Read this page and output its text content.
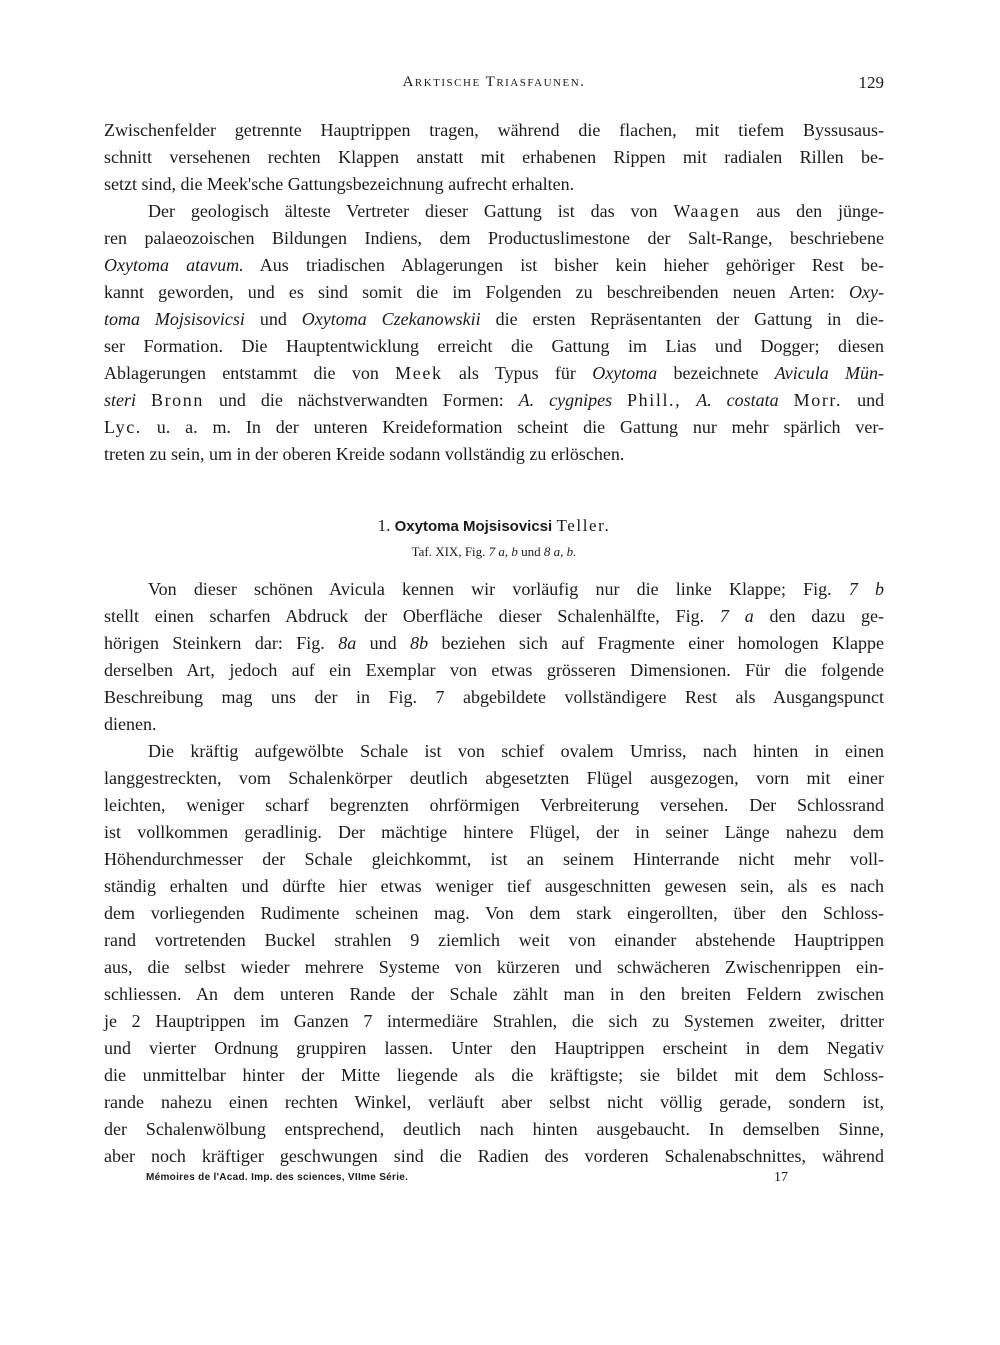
Arktische Triasfaunen.	129
Zwischenfelder getrennte Hauptrippen tragen, während die flachen, mit tiefem Byssusaus-
schnitt versehenen rechten Klappen anstatt mit erhabenen Rippen mit radialen Rillen be-
setzt sind, die Meek'sche Gattungsbezeichnung aufrecht erhalten.
Der geologisch älteste Vertreter dieser Gattung ist das von Waagen aus den jünge-
ren palaeozoischen Bildungen Indiens, dem Productuslimestone der Salt-Range, beschriebene
Oxytoma atavum. Aus triadischen Ablagerungen ist bisher kein hieher gehöriger Rest be-
kannt geworden, und es sind somit die im Folgenden zu beschreibenden neuen Arten: Oxy-
toma Mojsisovicsi und Oxytoma Czekanowskii die ersten Repräsentanten der Gattung in die-
ser Formation. Die Hauptentwicklung erreicht die Gattung im Lias und Dogger; diesen
Ablagerungen entstammt die von Meek als Typus für Oxytoma bezeichnete Avicula Mün-
steri Bronn und die nächstverwandten Formen: A. cygnipes Phill., A. costata Morr. und
Lyc. u. a. m. In der unteren Kreideformation scheint die Gattung nur mehr spärlich ver-
treten zu sein, um in der oberen Kreide sodann vollständig zu erlöschen.
1. Oxytoma Mojsisovicsi Teller.
Taf. XIX, Fig. 7 a, b und 8 a, b.
Von dieser schönen Avicula kennen wir vorläufig nur die linke Klappe; Fig. 7 b
stellt einen scharfen Abdruck der Oberfläche dieser Schalenhälfte, Fig. 7 a den dazu ge-
hörigen Steinkern dar: Fig. 8a und 8b beziehen sich auf Fragmente einer homologen Klappe
derselben Art, jedoch auf ein Exemplar von etwas grösseren Dimensionen. Für die folgende
Beschreibung mag uns der in Fig. 7 abgebildete vollständigere Rest als Ausgangspunct
dienen.
Die kräftig aufgewölbte Schale ist von schief ovalem Umriss, nach hinten in einen
langgestreckten, vom Schalenkörper deutlich abgesetzten Flügel ausgezogen, vorn mit einer
leichten, weniger scharf begrenzten ohrförmigen Verbreiterung versehen. Der Schlossrand
ist vollkommen geradlinig. Der mächtige hintere Flügel, der in seiner Länge nahezu dem
Höhendurchmesser der Schale gleichkommt, ist an seinem Hinterrande nicht mehr voll-
ständig erhalten und dürfte hier etwas weniger tief ausgeschnitten gewesen sein, als es nach
dem vorliegenden Rudimente scheinen mag. Von dem stark eingerollten, über den Schloss-
rand vortretenden Buckel strahlen 9 ziemlich weit von einander abstehende Hauptrippen
aus, die selbst wieder mehrere Systeme von kürzeren und schwächeren Zwischenrippen ein-
schliessen. An dem unteren Rande der Schale zählt man in den breiten Feldern zwischen
je 2 Hauptrippen im Ganzen 7 intermediäre Strahlen, die sich zu Systemen zweiter, dritter
und vierter Ordnung gruppiren lassen. Unter den Hauptrippen erscheint in dem Negativ
die unmittelbar hinter der Mitte liegende als die kräftigste; sie bildet mit dem Schloss-
rande nahezu einen rechten Winkel, verläuft aber selbst nicht völlig gerade, sondern ist,
der Schalenwölbung entsprechend, deutlich nach hinten ausgebaucht. In demselben Sinne,
aber noch kräftiger geschwungen sind die Radien des vorderen Schalenabschnittes, während
Mémoires de l'Acad. Imp. des sciences, VIIme Série.	17
